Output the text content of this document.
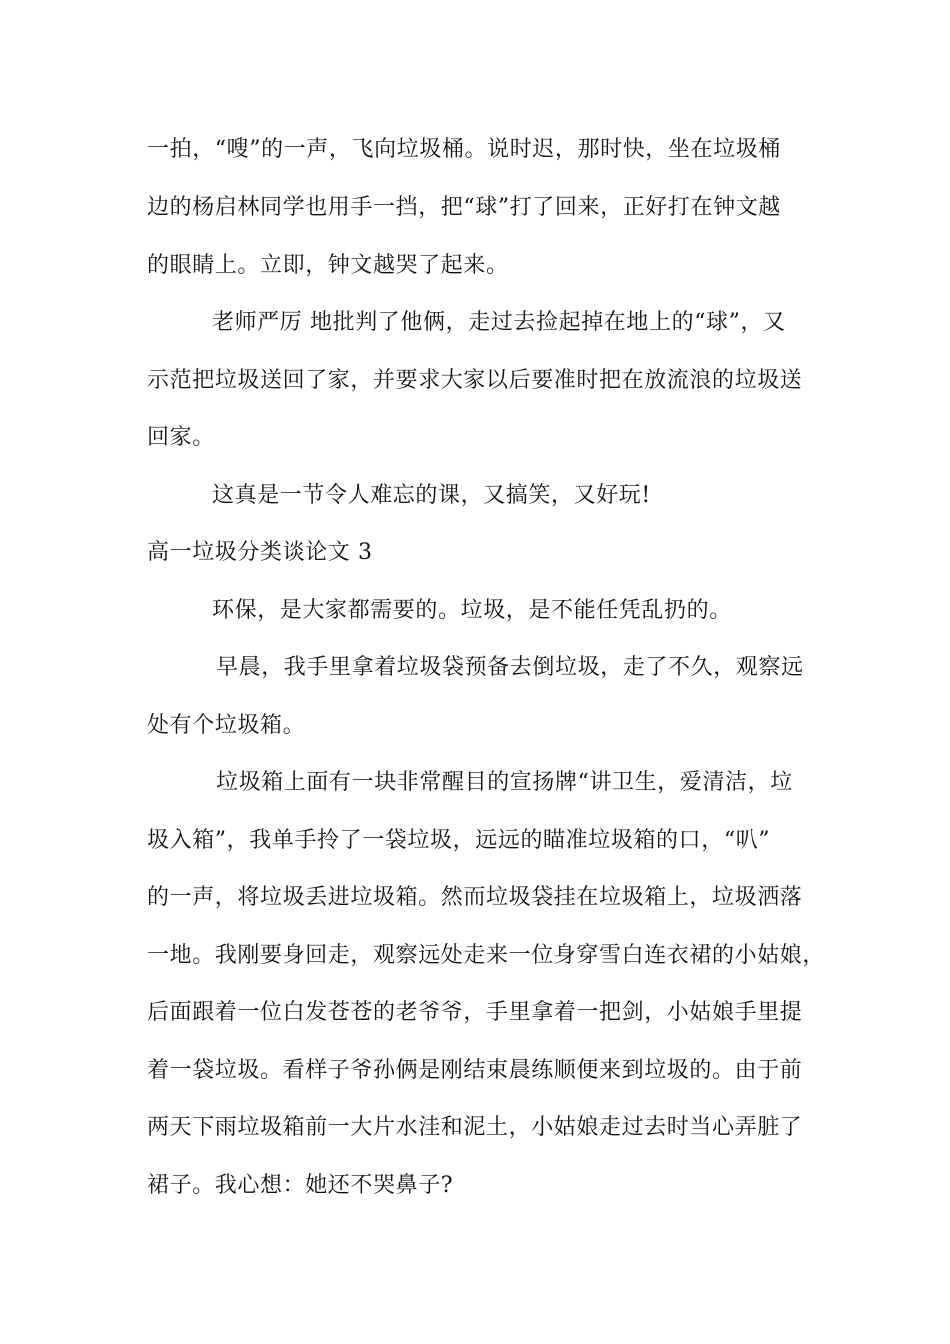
一拍，“嗖”的一声，飞向垃圾桶。说时迟，那时快，坐在垃圾桶
边的杨启林同学也用手一挡，把“球”打了回来，正好打在钟文越
的眼睛上。立即，钟文越哭了起来。
老师严厉 地批判了他俩，走过去捡起掉在地上的“球”，又
示范把垃圾送回了家，并要求大家以后要准时把在放流浪的垃圾送
回家。
这真是一节令人难忘的课，又搞笑，又好玩!
高一垃圾分类谈论文 3
环保，是大家都需要的。垃圾，是不能任凭乱扔的。
早晨，我手里拿着垃圾袋预备去倒垃圾，走了不久，观察远
处有个垃圾箱。
垃圾箱上面有一块非常醒目的宣扬牌“讲卫生，爱清洁，垃
圾入箱”，我单手拎了一袋垃圾，远远的瞄准垃圾箱的口，“叭”
的一声，将垃圾丢进垃圾箱。然而垃圾袋挂在垃圾箱上，垃圾洒落
一地。我刚要身回走，观察远处走来一位身穿雪白连衣裙的小姑娘，
后面跟着一位白发苍苍的老爷爷，手里拿着一把剑，小姑娘手里提
着一袋垃圾。看样子爷孙俩是刚结束晨练顺便来到垃圾的。由于前
两天下雨垃圾箱前一大片水洼和泥土，小姑娘走过去时当心弄脏了
裙子。我心想：她还不哭鼻子?
